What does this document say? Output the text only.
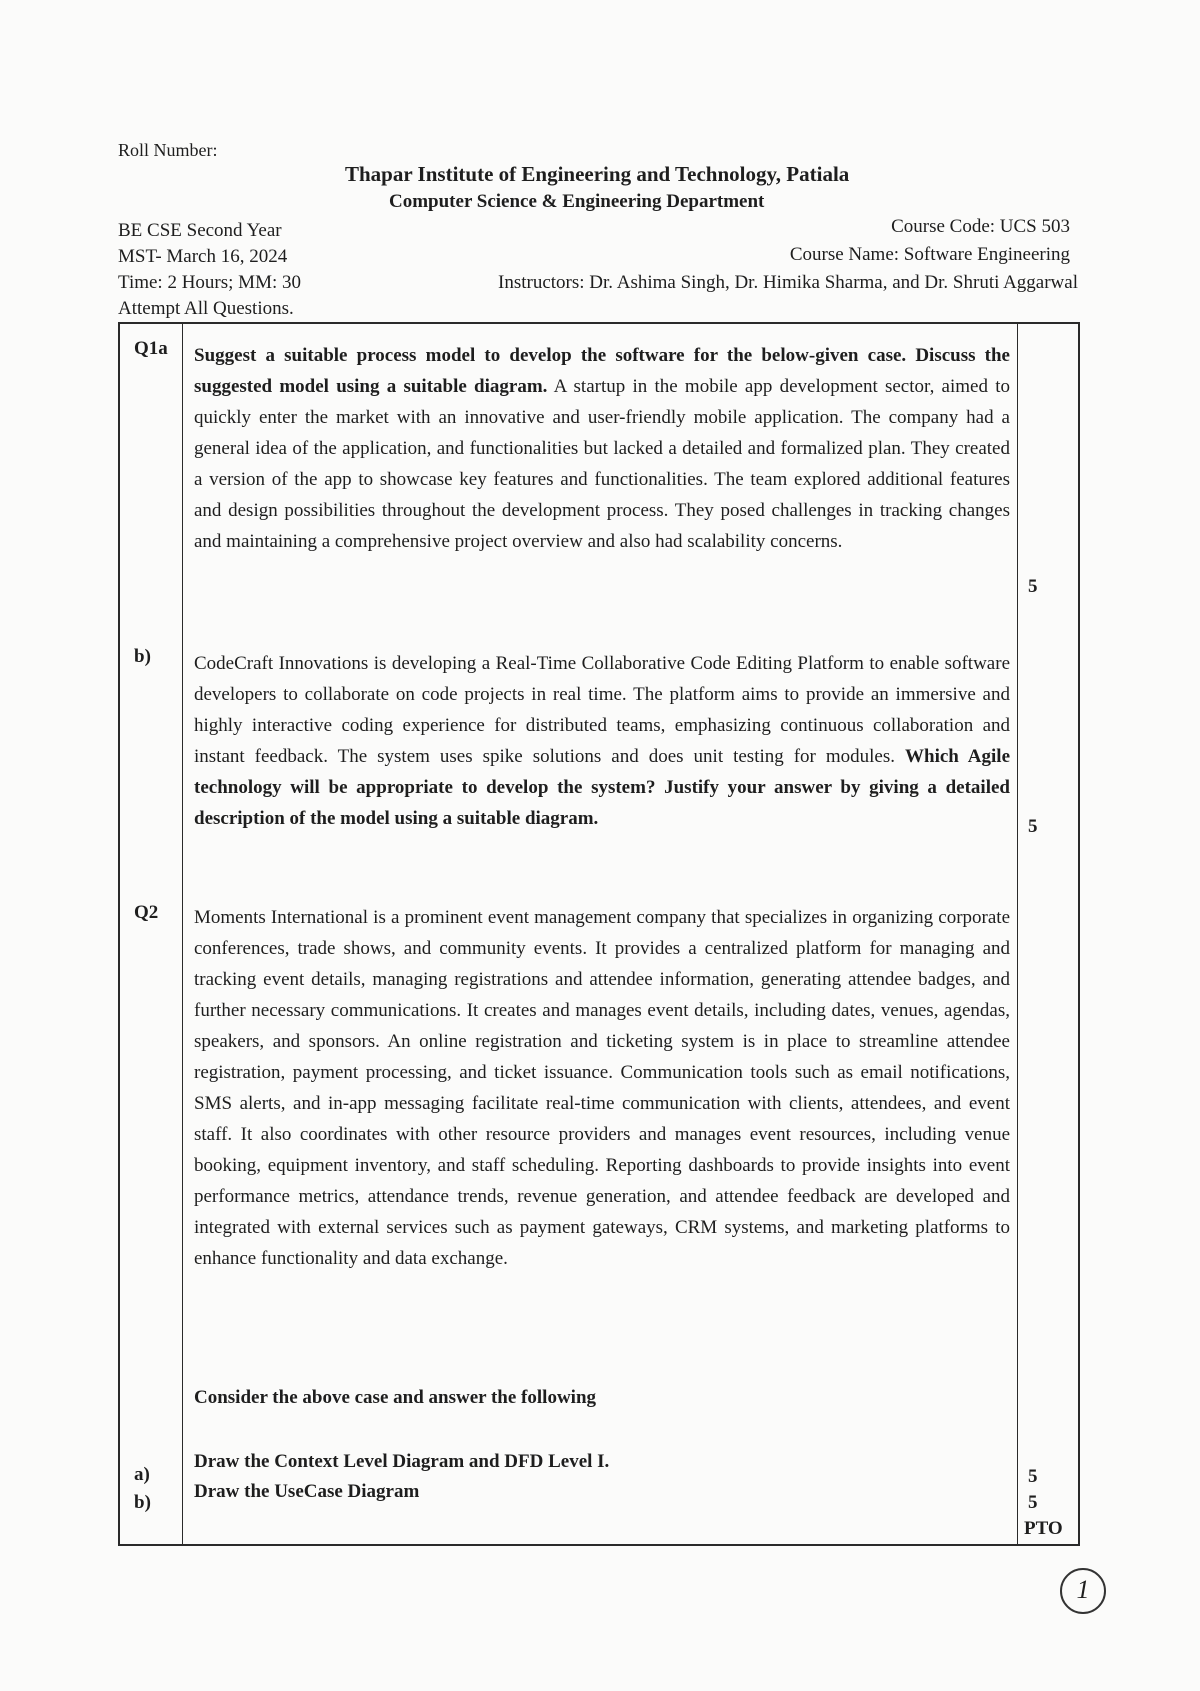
Roll Number:
Thapar Institute of Engineering and Technology, Patiala
Computer Science & Engineering Department
BE CSE Second Year
MST- March 16, 2024
Time: 2 Hours; MM: 30
Attempt All Questions.
Course Code: UCS 503
Course Name: Software Engineering
Instructors: Dr. Ashima Singh, Dr. Himika Sharma, and Dr. Shruti Aggarwal
Q1a Suggest a suitable process model to develop the software for the below-given case. Discuss the suggested model using a suitable diagram. A startup in the mobile app development sector, aimed to quickly enter the market with an innovative and user-friendly mobile application. The company had a general idea of the application, and functionalities but lacked a detailed and formalized plan. They created a version of the app to showcase key features and functionalities. The team explored additional features and design possibilities throughout the development process. They posed challenges in tracking changes and maintaining a comprehensive project overview and also had scalability concerns.
5
b) CodeCraft Innovations is developing a Real-Time Collaborative Code Editing Platform to enable software developers to collaborate on code projects in real time. The platform aims to provide an immersive and highly interactive coding experience for distributed teams, emphasizing continuous collaboration and instant feedback. The system uses spike solutions and does unit testing for modules. Which Agile technology will be appropriate to develop the system? Justify your answer by giving a detailed description of the model using a suitable diagram.	5
Q2 Moments International is a prominent event management company that specializes in organizing corporate conferences, trade shows, and community events. It provides a centralized platform for managing and tracking event details, managing registrations and attendee information, generating attendee badges, and further necessary communications. It creates and manages event details, including dates, venues, agendas, speakers, and sponsors. An online registration and ticketing system is in place to streamline attendee registration, payment processing, and ticket issuance. Communication tools such as email notifications, SMS alerts, and in-app messaging facilitate real-time communication with clients, attendees, and event staff. It also coordinates with other resource providers and manages event resources, including venue booking, equipment inventory, and staff scheduling. Reporting dashboards to provide insights into event performance metrics, attendance trends, revenue generation, and attendee feedback are developed and integrated with external services such as payment gateways, CRM systems, and marketing platforms to enhance functionality and data exchange.
Consider the above case and answer the following
a)
Draw the Context Level Diagram and DFD Level I.
b)
Draw the UseCase Diagram
5
5
PTO
1
